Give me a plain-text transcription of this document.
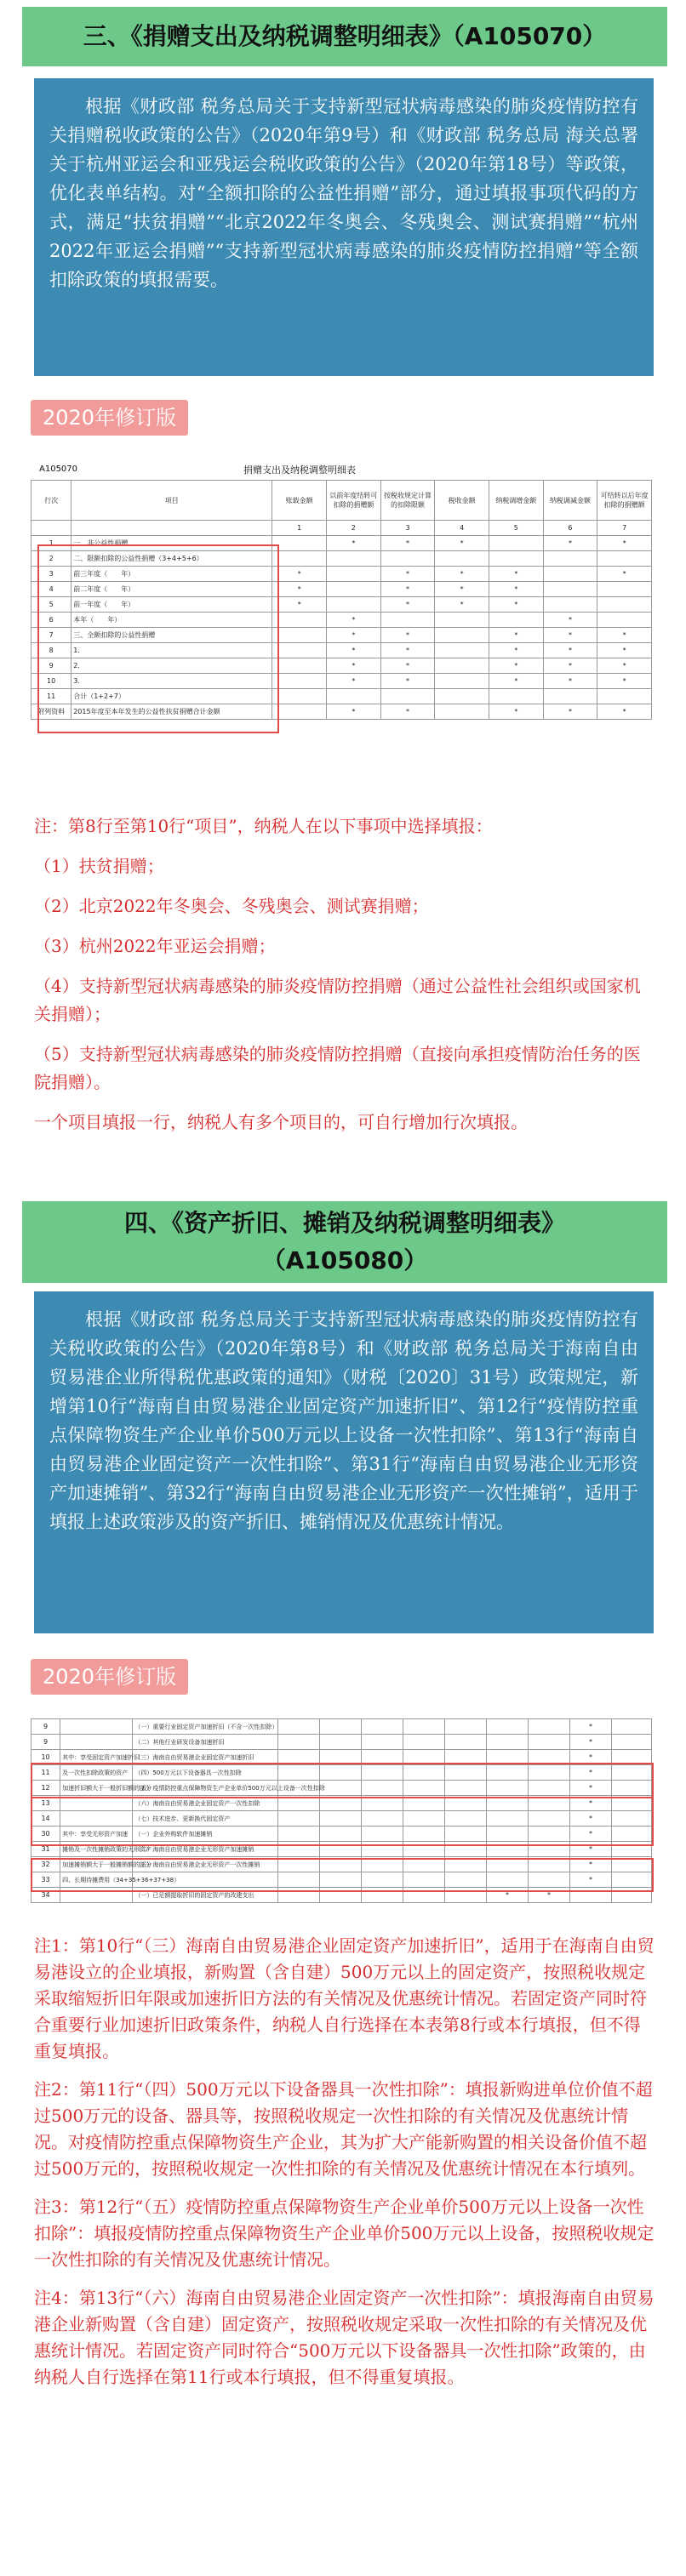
三、《捐赠支出及纳税调整明细表》（A105070）
根据《财政部 税务总局关于支持新型冠状病毒感染的肺炎疫情防控有关捐赠税收政策的公告》（2020年第9号）和《财政部 税务总局 海关总署关于杭州亚运会和亚残运会税收政策的公告》（2020年第18号）等政策，优化表单结构。对“全额扣除的公益性捐赠”部分，通过填报事项代码的方式，满足“扶贫捐赠”“北京2022年冬奥会、冬残奥会、测试赛捐赠”“杭州2022年亚运会捐赠”“支持新型冠状病毒感染的肺炎疫情防控捐赠”等全额扣除政策的填报需要。
2020年修订版
A105070	捐赠支出及纳税调整明细表
行次	项目	账载金额	以前年度结转可扣除的捐赠额	按税收规定计算的扣除限额	税收金额	纳税调增金额	纳税调减金额	可结转以后年度扣除的捐赠额
		1	2	3	4	5	6	7
1	一、非公益性捐赠		*	*	*		*	*
2	二、限额扣除的公益性捐赠（3+4+5+6）							
3	前三年度（　　年）	*		*	*	*		*
4	前二年度（　　年）	*		*	*	*		
5	前一年度（　　年）	*		*	*	*		
6	本年（　　年）		*				*	
7	三、全额扣除的公益性捐赠		*	*		*	*	*
8	1.		*	*		*	*	*
9	2.		*	*		*	*	*
10	3.		*	*		*	*	*
11	合计（1+2+7）							
附列资料	2015年度至本年发生的公益性扶贫捐赠合计金额		*	*		*	*	*

注：第8行至第10行“项目”，纳税人在以下事项中选择填报：

（1）扶贫捐赠；

（2）北京2022年冬奥会、冬残奥会、测试赛捐赠；

（3）杭州2022年亚运会捐赠；

（4）支持新型冠状病毒感染的肺炎疫情防控捐赠（通过公益性社会组织或国家机关捐赠）；

（5）支持新型冠状病毒感染的肺炎疫情防控捐赠（直接向承担疫情防治任务的医院捐赠）。

一个项目填报一行，纳税人有多个项目的，可自行增加行次填报。

四、《资产折旧、摊销及纳税调整明细表》
（A105080）
根据《财政部 税务总局关于支持新型冠状病毒感染的肺炎疫情防控有关税收政策的公告》（2020年第8号）和《财政部 税务总局关于海南自由贸易港企业所得税优惠政策的通知》（财税〔2020〕31号）政策规定，新增第10行“海南自由贸易港企业固定资产加速折旧”、第12行“疫情防控重点保障物资生产企业单价500万元以上设备一次性扣除”、第13行“海南自由贸易港企业固定资产一次性扣除”、第31行“海南自由贸易港企业无形资产加速摊销”、第32行“海南自由贸易港企业无形资产一次性摊销”，适用于填报上述政策涉及的资产折旧、摊销情况及优惠统计情况。
2020年修订版
9		（一）重要行业固定资产加速折旧（不含一次性扣除）								*	
9		（二）其他行业研发设备加速折旧								*	
10	其中：享受固定资产加速折旧	（三）海南自由贸易港企业固定资产加速折旧								*	
11	及一次性扣除政策的资产	（四）500万元以下设备器具一次性扣除								*	
12	加速折旧额大于一般折旧额的部分	（五）疫情防控重点保障物资生产企业单价500万元以上设备一次性扣除								*	
13		（六）海南自由贸易港企业固定资产一次性扣除								*	
14		（七）技术进步、更新换代固定资产								*	
30	其中：享受无形资产加速	（一）企业外购软件加速摊销								*	
31	摊销及一次性摊销政策的无形资产	（二）海南自由贸易港企业无形资产加速摊销								*	
32	加速摊销额大于一般摊销额的部分	（三）海南自由贸易港企业无形资产一次性摊销								*	
33	四、长期待摊费用（34+35+36+37+38）									*	
34		（一）已足额提取折旧的固定资产的改建支出						*	*		

注1：第10行“（三）海南自由贸易港企业固定资产加速折旧”，适用于在海南自由贸易港设立的企业填报，新购置（含自建）500万元以上的固定资产，按照税收规定采取缩短折旧年限或加速折旧方法的有关情况及优惠统计情况。若固定资产同时符合重要行业加速折旧政策条件，纳税人自行选择在本表第8行或本行填报，但不得重复填报。

注2：第11行“（四）500万元以下设备器具一次性扣除”：填报新购进单位价值不超过500万元的设备、器具等，按照税收规定一次性扣除的有关情况及优惠统计情况。对疫情防控重点保障物资生产企业，其为扩大产能新购置的相关设备价值不超过500万元的，按照税收规定一次性扣除的有关情况及优惠统计情况在本行填列。

注3：第12行“（五）疫情防控重点保障物资生产企业单价500万元以上设备一次性扣除”：填报疫情防控重点保障物资生产企业单价500万元以上设备，按照税收规定一次性扣除的有关情况及优惠统计情况。

注4：第13行“（六）海南自由贸易港企业固定资产一次性扣除”：填报海南自由贸易港企业新购置（含自建）固定资产，按照税收规定采取一次性扣除的有关情况及优惠统计情况。若固定资产同时符合“500万元以下设备器具一次性扣除”政策的，由纳税人自行选择在第11行或本行填报，但不得重复填报。
